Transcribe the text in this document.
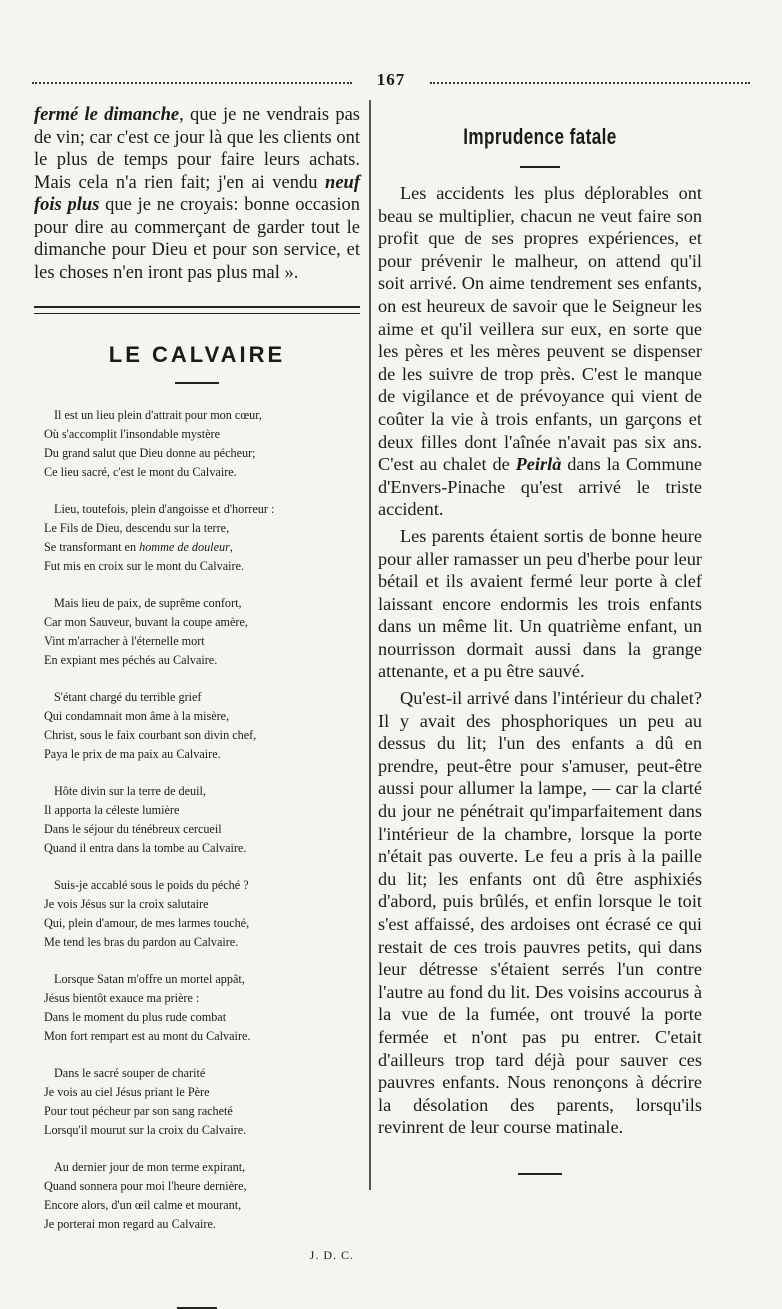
167

fermé le dimanche, que je ne vendrais pas de vin; car c'est ce jour là que les clients ont le plus de temps pour faire leurs achats. Mais cela n'a rien fait; j'en ai vendu neuf fois plus que je ne croyais: bonne occasion pour dire au commerçant de garder tout le dimanche pour Dieu et pour son service, et les choses n'en iront pas plus mal ».

LE CALVAIRE
Il est un lieu plein d'attrait pour mon cœur,
Où s'accomplit l'insondable mystère
Du grand salut que Dieu donne au pécheur;
Ce lieu sacré, c'est le mont du Calvaire.
Lieu, toutefois, plein d'angoisse et d'horreur :
Le Fils de Dieu, descendu sur la terre,
Se transformant en homme de douleur,
Fut mis en croix sur le mont du Calvaire.
Mais lieu de paix, de suprême confort,
Car mon Sauveur, buvant la coupe amère,
Vint m'arracher à l'éternelle mort
En expiant mes péchés au Calvaire.
S'étant chargé du terrible grief
Qui condamnait mon âme à la misère,
Christ, sous le faix courbant son divin chef,
Paya le prix de ma paix au Calvaire.
Hôte divin sur la terre de deuil,
Il apporta la céleste lumière
Dans le séjour du ténébreux cercueil
Quand il entra dans la tombe au Calvaire.
Suis-je accablé sous le poids du péché ?
Je vois Jésus sur la croix salutaire
Qui, plein d'amour, de mes larmes touché,
Me tend les bras du pardon au Calvaire.
Lorsque Satan m'offre un mortel appât,
Jésus bientôt exauce ma prière :
Dans le moment du plus rude combat
Mon fort rempart est au mont du Calvaire.
Dans le sacré souper de charité
Je vois au ciel Jésus priant le Père
Pour tout pécheur par son sang racheté
Lorsqu'il mourut sur la croix du Calvaire.
Au dernier jour de mon terme expirant,
Quand sonnera pour moi l'heure dernière,
Encore alors, d'un œil calme et mourant,
Je porterai mon regard au Calvaire.
J. D. C.
Imprudence fatale

Les accidents les plus déplorables ont beau se multiplier, chacun ne veut faire son profit que de ses propres expériences, et pour prévenir le malheur, on attend qu'il soit arrivé. On aime tendrement ses enfants, on est heureux de savoir que le Seigneur les aime et qu'il veillera sur eux, en sorte que les pères et les mères peuvent se dispenser de les suivre de trop près. C'est le manque de vigilance et de prévoyance qui vient de coûter la vie à trois enfants, un garçons et deux filles dont l'aînée n'avait pas six ans. C'est au chalet de Peirlà dans la Commune d'Envers-Pinache qu'est arrivé le triste accident.

Les parents étaient sortis de bonne heure pour aller ramasser un peu d'herbe pour leur bétail et ils avaient fermé leur porte à clef laissant encore endormis les trois enfants dans un même lit. Un quatrième enfant, un nourrisson dormait aussi dans la grange attenante, et a pu être sauvé.

Qu'est-il arrivé dans l'intérieur du chalet? Il y avait des phosphoriques un peu au dessus du lit; l'un des enfants a dû en prendre, peut-être pour s'amuser, peut-être aussi pour allumer la lampe, — car la clarté du jour ne pénétrait qu'imparfaitement dans l'intérieur de la chambre, lorsque la porte n'était pas ouverte. Le feu a pris à la paille du lit; les enfants ont dû être asphixiés d'abord, puis brûlés, et enfin lorsque le toit s'est affaissé, des ardoises ont écrasé ce qui restait de ces trois pauvres petits, qui dans leur détresse s'étaient serrés l'un contre l'autre au fond du lit. Des voisins accourus à la vue de la fumée, ont trouvé la porte fermée et n'ont pas pu entrer. C'etait d'ailleurs trop tard déjà pour sauver ces pauvres enfants. Nous renonçons à décrire la désolation des parents, lorsqu'ils revinrent de leur course matinale.
